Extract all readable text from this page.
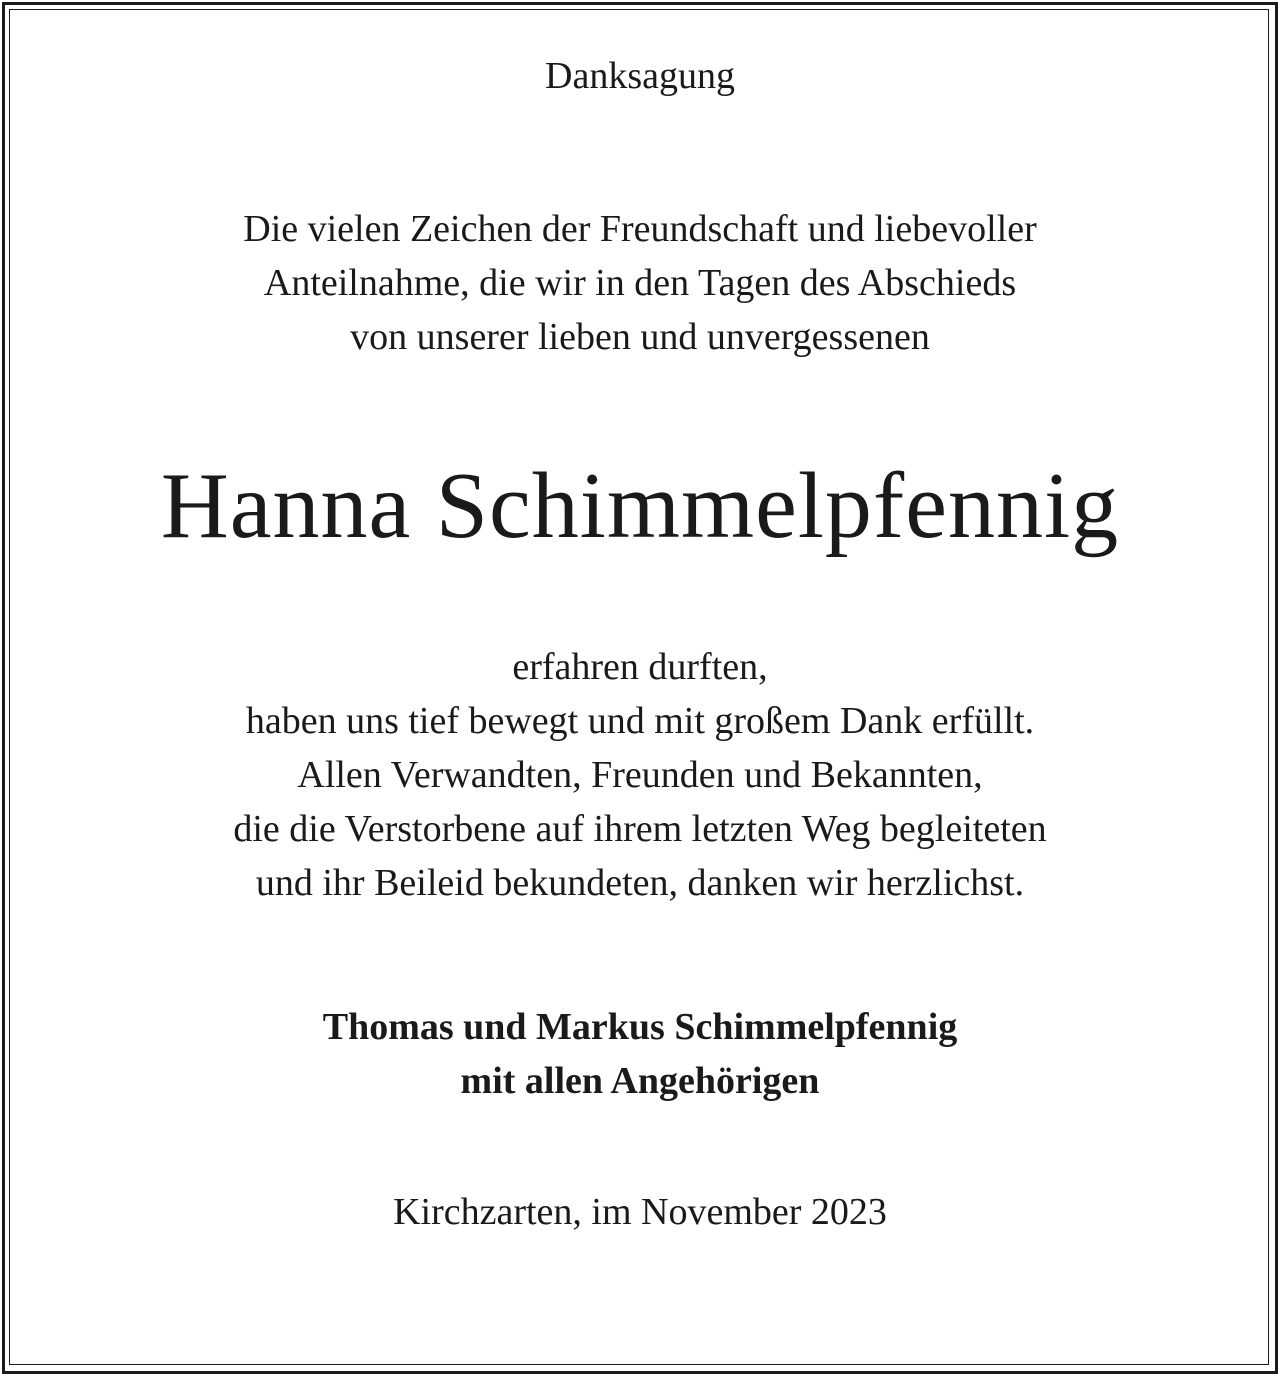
Danksagung
Die vielen Zeichen der Freundschaft und liebevoller
Anteilnahme, die wir in den Tagen des Abschieds
von unserer lieben und unvergessenen
Hanna Schimmelpfennig
erfahren durften,
haben uns tief bewegt und mit großem Dank erfüllt.
Allen Verwandten, Freunden und Bekannten,
die die Verstorbene auf ihrem letzten Weg begleiteten
und ihr Beileid bekundeten, danken wir herzlichst.
Thomas und Markus Schimmelpfennig
mit allen Angehörigen
Kirchzarten, im November 2023
